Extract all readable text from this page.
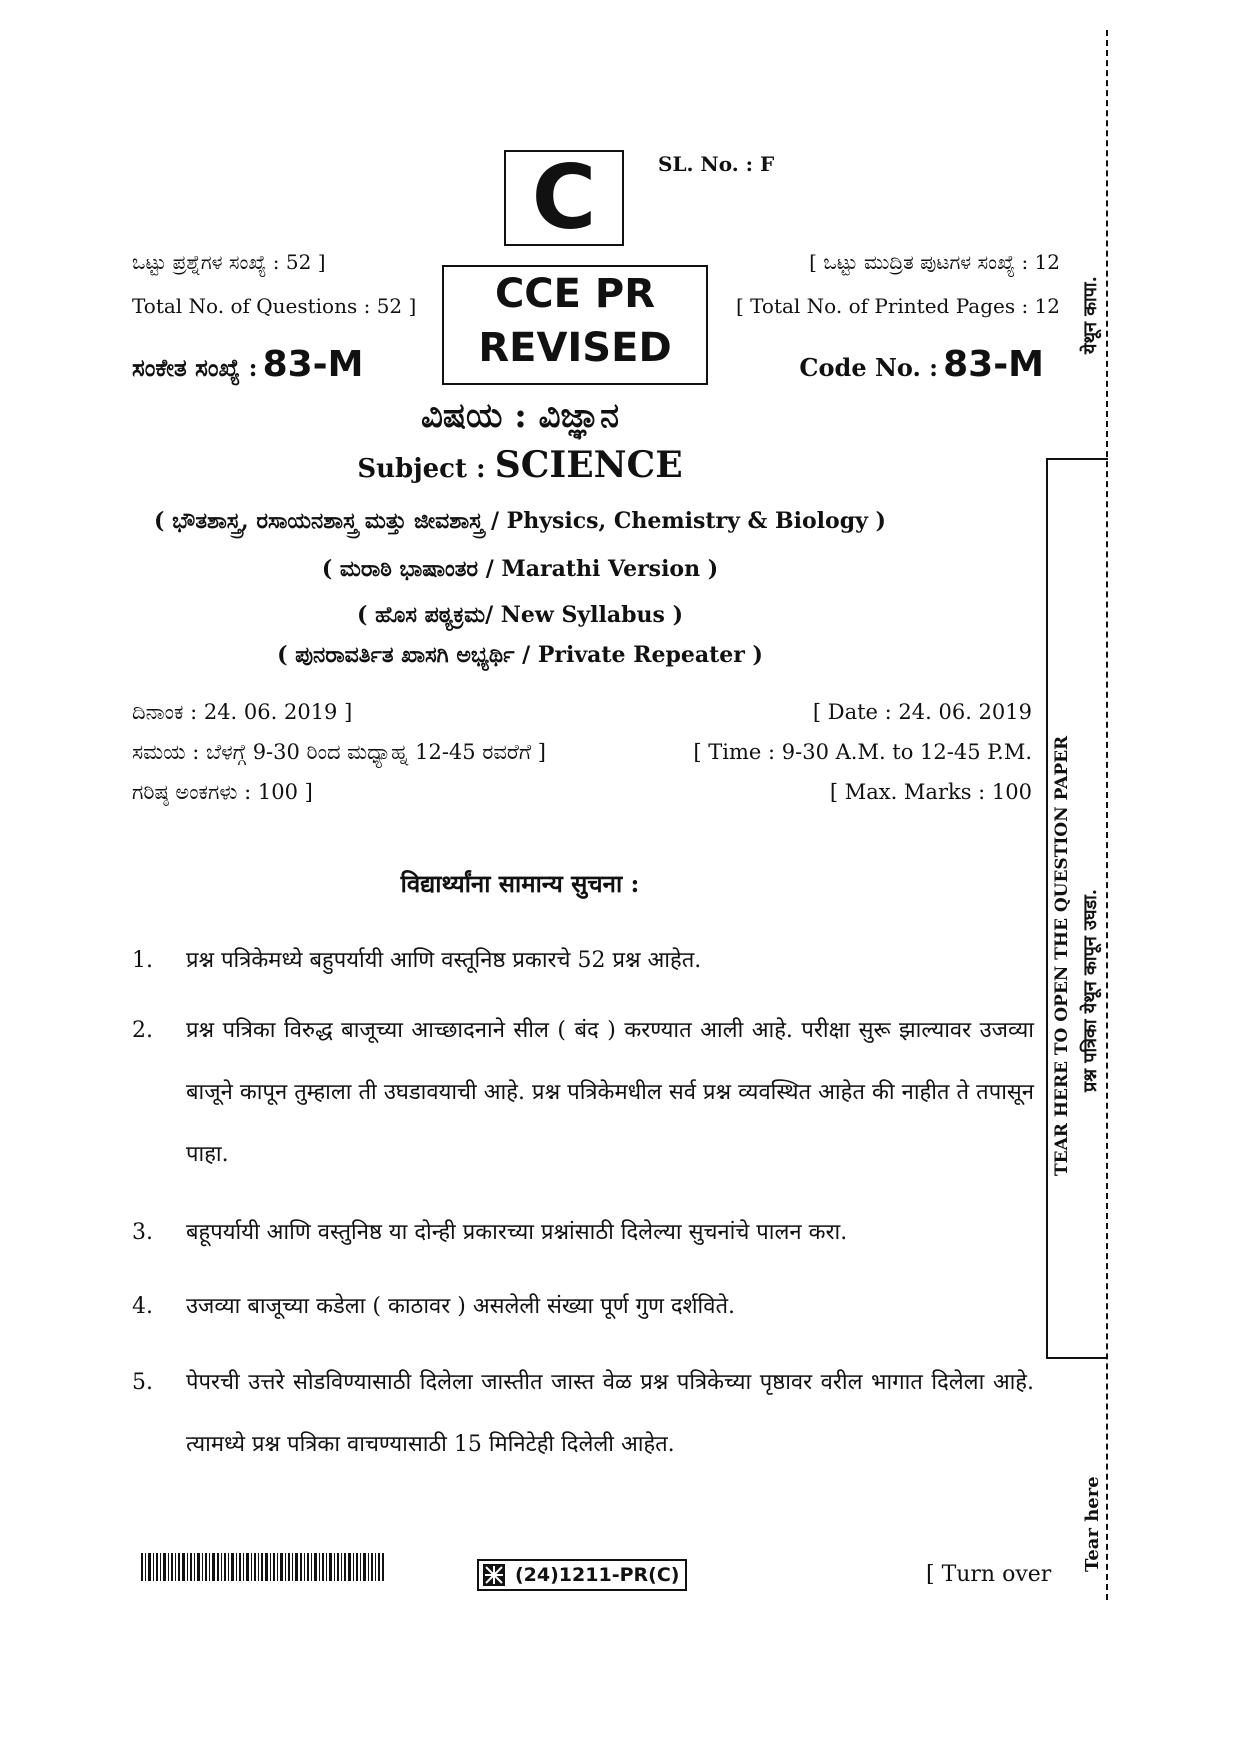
C	SL. No. : F
CCE PR
REVISED
ಒಟ್ಟು ಪ್ರಶ್ನೆಗಳ ಸಂಖ್ಯೆ : 52 ]
Total No. of Questions : 52 ]
[ ಒಟ್ಟು ಮುದ್ರಿತ ಪುಟಗಳ ಸಂಖ್ಯೆ : 12
[ Total No. of Printed Pages : 12
ಸಂಕೇತ ಸಂಖ್ಯೆ : 83-M	Code No. : 83-M
ವಿಷಯ : ವಿಜ್ಞಾನ
Subject : SCIENCE
( ಭೌತಶಾಸ್ತ್ರ, ರಸಾಯನಶಾಸ್ತ್ರ ಮತ್ತು ಜೀವಶಾಸ್ತ್ರ / Physics, Chemistry & Biology )
( ಮರಾಠಿ ಭಾಷಾಂತರ / Marathi Version )
( ಹೊಸ ಪಠ್ಯಕ್ರಮ/ New Syllabus )
( ಪುನರಾವರ್ತಿತ ಖಾಸಗಿ ಅಭ್ಯರ್ಥಿ / Private Repeater )
ದಿನಾಂಕ : 24. 06. 2019 ]	[ Date : 24. 06. 2019
ಸಮಯ : ಬೆಳಗ್ಗೆ 9-30 ರಿಂದ ಮಧ್ಯಾಹ್ನ 12-45 ರವರೆಗೆ ]	[ Time : 9-30 A.M. to 12-45 P.M.
ಗರಿಷ್ಠ ಅಂಕಗಳು : 100 ]	[ Max. Marks : 100
विद्यार्थ्यांना सामान्य सुचना :
1.	प्रश्न पत्रिकेमध्ये बहुपर्यायी आणि वस्तूनिष्ठ प्रकारचे 52 प्रश्न आहेत.
2.	प्रश्न पत्रिका विरुद्ध बाजूच्या आच्छादनाने सील ( बंद ) करण्यात आली आहे. परीक्षा सुरू झाल्यावर उजव्या बाजूने कापून तुम्हाला ती उघडावयाची आहे. प्रश्न पत्रिकेमधील सर्व प्रश्न व्यवस्थित आहेत की नाहीत ते तपासून पाहा.
3.	बहूपर्यायी आणि वस्तुनिष्ठ या दोन्ही प्रकारच्या प्रश्नांसाठी दिलेल्या सुचनांचे पालन करा.
4.	उजव्या बाजूच्या कडेला ( काठावर ) असलेली संख्या पूर्ण गुण दर्शविते.
5.	पेपरची उत्तरे सोडविण्यासाठी दिलेला जास्तीत जास्त वेळ प्रश्न पत्रिकेच्या पृष्ठावर वरील भागात दिलेला आहे. त्यामध्ये प्रश्न पत्रिका वाचण्यासाठी 15 मिनिटेही दिलेली आहेत.
येथून कापा.
TEAR HERE TO OPEN THE QUESTION PAPER प्रश्न पत्रिका येथून कापून उघडा.
Tear here
(24)1211-PR(C)	[ Turn over
